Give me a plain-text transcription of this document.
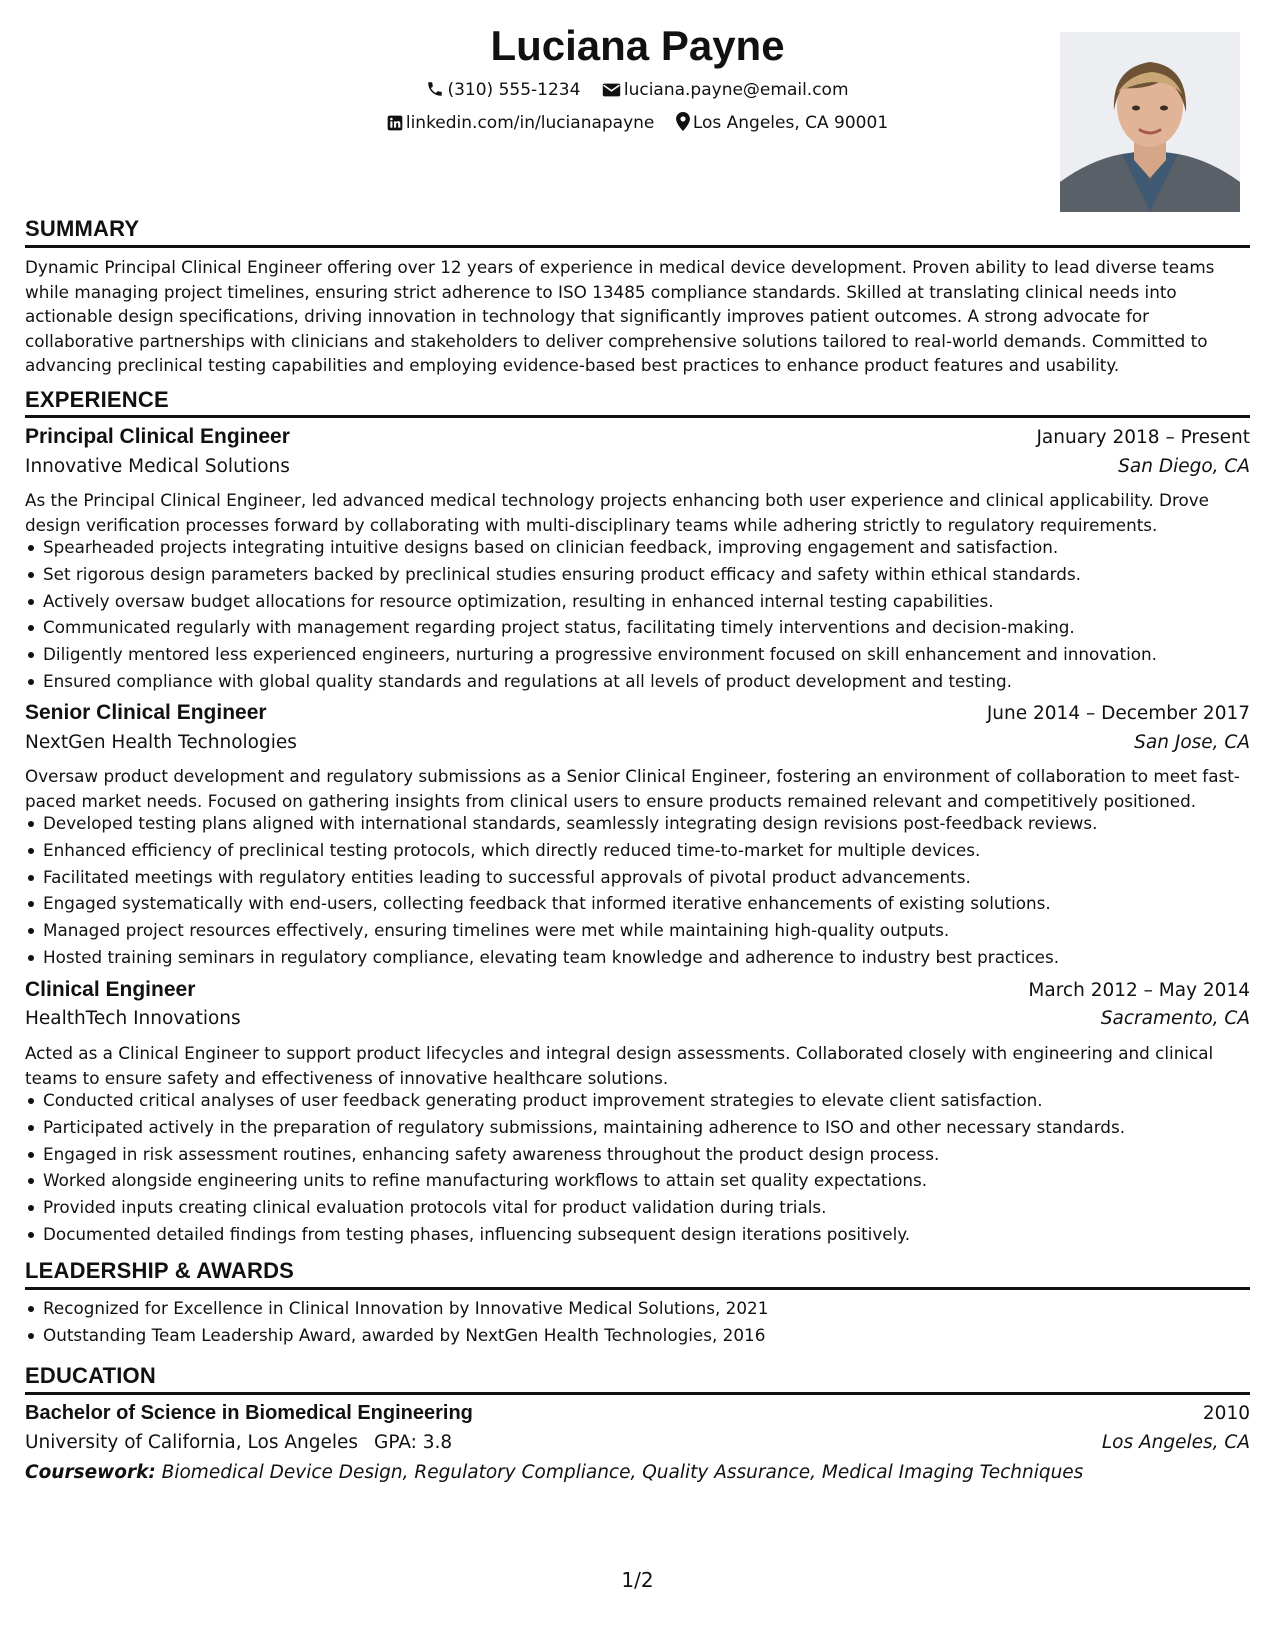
Luciana Payne
(310) 555-1234	luciana.payne@email.com
linkedin.com/in/lucianapayne Los Angeles, CA 90001
SUMMARY
Dynamic Principal Clinical Engineer offering over 12 years of experience in medical device development. Proven ability to lead diverse teams while managing project timelines, ensuring strict adherence to ISO 13485 compliance standards. Skilled at translating clinical needs into actionable design specifications, driving innovation in technology that significantly improves patient outcomes. A strong advocate for collaborative partnerships with clinicians and stakeholders to deliver comprehensive solutions tailored to real-world demands. Committed to advancing preclinical testing capabilities and employing evidence-based best practices to enhance product features and usability.
EXPERIENCE
Principal Clinical Engineer	January 2018 – Present
Innovative Medical Solutions	San Diego, CA
As the Principal Clinical Engineer, led advanced medical technology projects enhancing both user experience and clinical applicability. Drove design verification processes forward by collaborating with multi-disciplinary teams while adhering strictly to regulatory requirements.
Spearheaded projects integrating intuitive designs based on clinician feedback, improving engagement and satisfaction.
Set rigorous design parameters backed by preclinical studies ensuring product efficacy and safety within ethical standards.
Actively oversaw budget allocations for resource optimization, resulting in enhanced internal testing capabilities.
Communicated regularly with management regarding project status, facilitating timely interventions and decision-making.
Diligently mentored less experienced engineers, nurturing a progressive environment focused on skill enhancement and innovation.
Ensured compliance with global quality standards and regulations at all levels of product development and testing.
Senior Clinical Engineer	June 2014 – December 2017
NextGen Health Technologies	San Jose, CA
Oversaw product development and regulatory submissions as a Senior Clinical Engineer, fostering an environment of collaboration to meet fast-paced market needs. Focused on gathering insights from clinical users to ensure products remained relevant and competitively positioned.
Developed testing plans aligned with international standards, seamlessly integrating design revisions post-feedback reviews.
Enhanced efficiency of preclinical testing protocols, which directly reduced time-to-market for multiple devices.
Facilitated meetings with regulatory entities leading to successful approvals of pivotal product advancements.
Engaged systematically with end-users, collecting feedback that informed iterative enhancements of existing solutions.
Managed project resources effectively, ensuring timelines were met while maintaining high-quality outputs.
Hosted training seminars in regulatory compliance, elevating team knowledge and adherence to industry best practices.
Clinical Engineer	March 2012 – May 2014
HealthTech Innovations	Sacramento, CA
Acted as a Clinical Engineer to support product lifecycles and integral design assessments. Collaborated closely with engineering and clinical teams to ensure safety and effectiveness of innovative healthcare solutions.
Conducted critical analyses of user feedback generating product improvement strategies to elevate client satisfaction.
Participated actively in the preparation of regulatory submissions, maintaining adherence to ISO and other necessary standards.
Engaged in risk assessment routines, enhancing safety awareness throughout the product design process.
Worked alongside engineering units to refine manufacturing workflows to attain set quality expectations.
Provided inputs creating clinical evaluation protocols vital for product validation during trials.
Documented detailed findings from testing phases, influencing subsequent design iterations positively.
LEADERSHIP & AWARDS
Recognized for Excellence in Clinical Innovation by Innovative Medical Solutions, 2021
Outstanding Team Leadership Award, awarded by NextGen Health Technologies, 2016
EDUCATION
Bachelor of Science in Biomedical Engineering	2010
University of California, Los Angeles GPA: 3.8	Los Angeles, CA
Coursework: Biomedical Device Design, Regulatory Compliance, Quality Assurance, Medical Imaging Techniques
1/2
